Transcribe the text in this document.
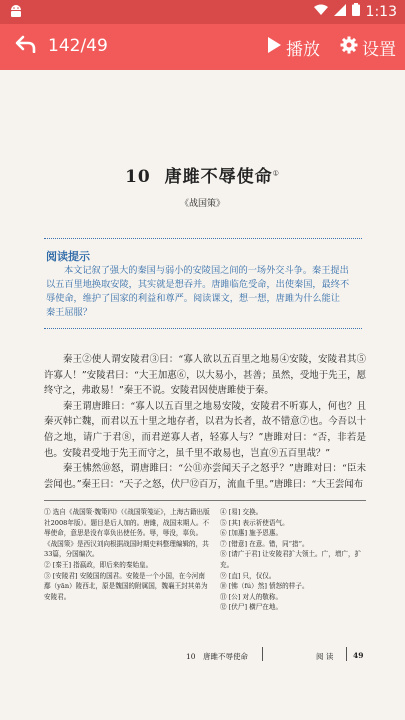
1:13
142/49	播放 设置
10 唐雎不辱使命①
《战国策》
阅读提示
本文记叙了强大的秦国与弱小的安陵国之间的一场外交斗争。秦王提出
以五百里地换取安陵，其实就是想吞并。唐雎临危受命，出使秦国，最终不
辱使命，维护了国家的利益和尊严。阅读课文，想一想，唐雎为什么能让
秦王屈服？

秦王②使人谓安陵君③曰：“寡人欲以五百里之地易④安陵，安陵君其⑤许寡人！”安陵君曰：“大王加惠⑥，以大易小，甚善；虽然，受地于先王，愿终守之，弗敢易！”秦王不说。安陵君因使唐雎使于秦。

秦王谓唐雎曰：“寡人以五百里之地易安陵，安陵君不听寡人，何也？且秦灭韩亡魏，而君以五十里之地存者，以君为长者，故不错意⑦也。今吾以十倍之地，请广于君⑧，而君逆寡人者，轻寡人与？”唐雎对曰：“否，非若是也。安陵君受地于先王而守之，虽千里不敢易也，岂直⑨五百里哉？”

秦王怫然⑩怒，谓唐雎曰：“公⑪亦尝闻天子之怒乎？”唐雎对曰：“臣未尝闻也。”秦王曰：“天子之怒，伏尸⑫百万，流血千里。”唐雎曰：“大王尝闻布

① 选自《战国策·魏策四》（《战国策笺证》，上海古籍出版社2008年版）。题目是后人加的。唐雎，战国末期人。不辱使命，意思是没有辜负出使任务。辱，辱没，辜负。《战国策》是西汉刘向根据战国时期史料整理编辑的，共33篇，分国编次。
② [秦王] 指嬴政，即后来的秦始皇。
③ [安陵君] 安陵国的国君。安陵是一个小国，在今河南鄢（yān）陵西北，原是魏国的附属国，魏襄王封其弟为安陵君。
④ [易] 交换。
⑤ [其] 表示祈使语气。
⑥ [加惠] 施予恩惠。
⑦ [错意] 在意。错，同“措”。
⑧ [请广于君] 让安陵君扩大领土。广，增广，扩充。
⑨ [直] 只，仅仅。
⑩ [怫（fú）然] 愤怒的样子。
⑪ [公] 对人的敬称。
⑫ [伏尸] 横尸在地。
10　唐雎不辱使命	阅 读	49
